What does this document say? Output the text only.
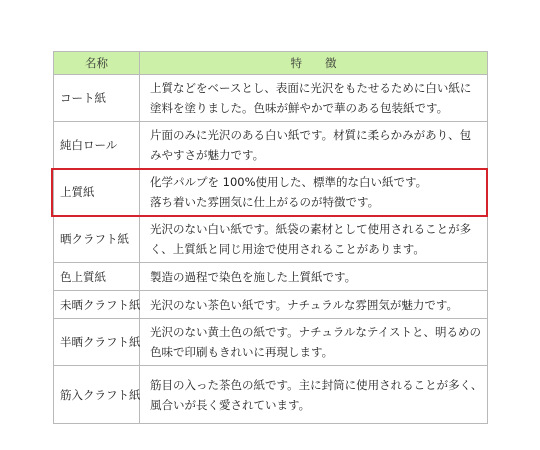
名称	特　　徴
コート紙	上質などをベースとし、表面に光沢をもたせるために白い紙に
塗料を塗りました。色味が鮮やかで華のある包装紙です。

純白ロール	片面のみに光沢のある白い紙です。材質に柔らかみがあり、包
みやすさが魅力です。

上質紙	化学パルプを 100%使用した、標準的な白い紙です。
落ち着いた雰囲気に仕上がるのが特徴です。

晒クラフト紙	光沢のない白い紙です。紙袋の素材として使用されることが多
く、上質紙と同じ用途で使用されることがあります。

色上質紙	製造の過程で染色を施した上質紙です。

未晒クラフト紙	光沢のない茶色い紙です。ナチュラルな雰囲気が魅力です。

半晒クラフト紙	光沢のない黄土色の紙です。ナチュラルなテイストと、明るめの
色味で印刷もきれいに再現します。

筋入クラフト紙	筋目の入った茶色の紙です。主に封筒に使用されることが多く、
風合いが長く愛されています。
